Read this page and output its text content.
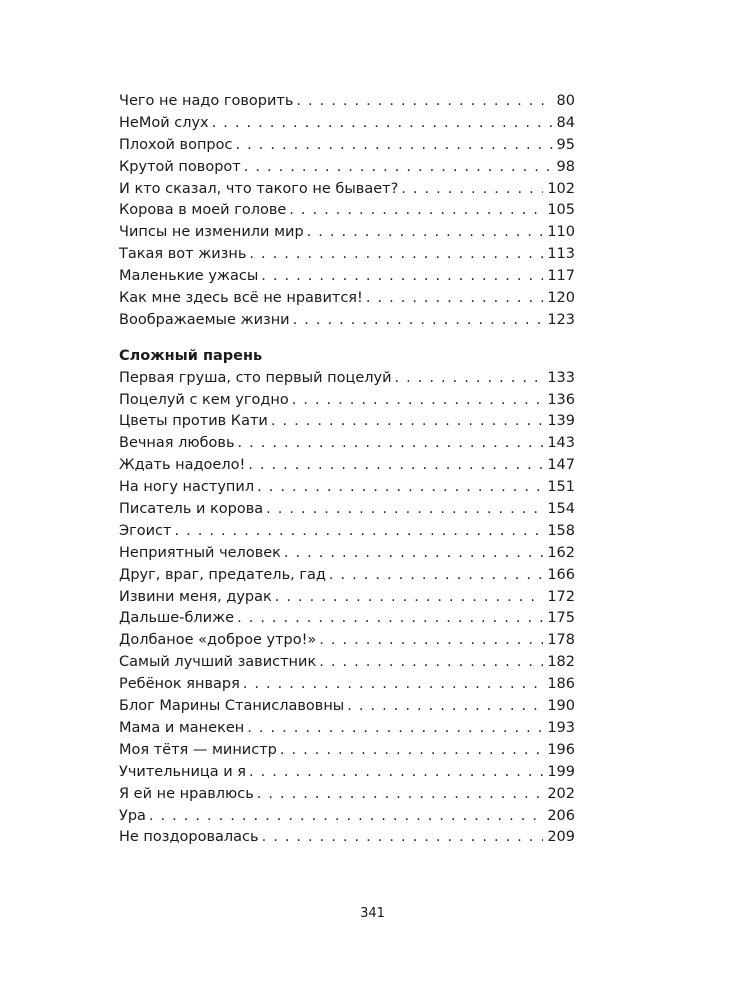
Чего не надо говорить . . .	80
НеМой слух . . .	84
Плохой вопрос . . .	95
Крутой поворот . . .	98
И кто сказал, что такого не бывает? . . .	102
Корова в моей голове . . .	105
Чипсы не изменили мир . . .	110
Такая вот жизнь . . .	113
Маленькие ужасы . . .	117
Как мне здесь всё не нравится! . . .	120
Воображаемые жизни . . .	123
Сложный парень
Первая груша, сто первый поцелуй . . .	133
Поцелуй с кем угодно . . .	136
Цветы против Кати . . .	139
Вечная любовь . . .	143
Ждать надоело! . . .	147
На ногу наступил . . .	151
Писатель и корова . . .	154
Эгоист . . .	158
Неприятный человек . . .	162
Друг, враг, предатель, гад . . .	166
Извини меня, дурак . . .	172
Дальше-ближе . . .	175
Долбаное «доброе утро!» . . .	178
Самый лучший завистник . . .	182
Ребёнок января . . .	186
Блог Марины Станиславовны . . .	190
Мама и манекен . . .	193
Моя тётя — министр . . .	196
Учительница и я . . .	199
Я ей не нравлюсь . . .	202
Ура . . .	206
Не поздоровалась . . .	209
341
